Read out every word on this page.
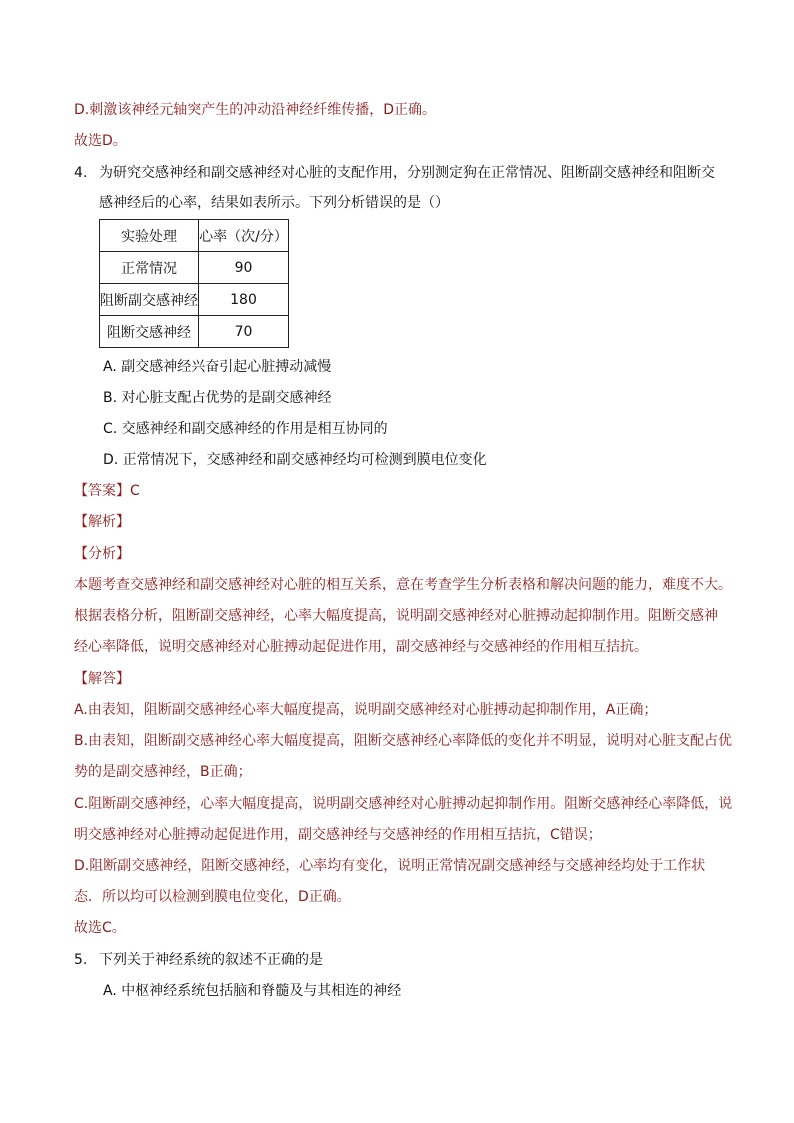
D.刺激该神经元轴突产生的冲动沿神经纤维传播，D正确。
故选D。
4. 为研究交感神经和副交感神经对心脏的支配作用，分别测定狗在正常情况、阻断副交感神经和阻断交
感神经后的心率，结果如表所示。下列分析错误的是（）
实验处理	心率（次/分）
正常情况	90
阻断副交感神经	180
阻断交感神经	70
A. 副交感神经兴奋引起心脏搏动减慢
B. 对心脏支配占优势的是副交感神经
C. 交感神经和副交感神经的作用是相互协同的
D. 正常情况下，交感神经和副交感神经均可检测到膜电位变化
【答案】C
【解析】
【分析】
本题考查交感神经和副交感神经对心脏的相互关系，意在考查学生分析表格和解决问题的能力，难度不大。
根据表格分析，阻断副交感神经，心率大幅度提高，说明副交感神经对心脏搏动起抑制作用。阻断交感神
经心率降低，说明交感神经对心脏搏动起促进作用，副交感神经与交感神经的作用相互拮抗。
【解答】
A.由表知，阻断副交感神经心率大幅度提高，说明副交感神经对心脏搏动起抑制作用，A正确；
B.由表知，阻断副交感神经心率大幅度提高，阻断交感神经心率降低的变化并不明显，说明对心脏支配占优
势的是副交感神经，B正确；
C.阻断副交感神经，心率大幅度提高，说明副交感神经对心脏搏动起抑制作用。阻断交感神经心率降低，说
明交感神经对心脏搏动起促进作用，副交感神经与交感神经的作用相互拮抗，C错误；
D.阻断副交感神经，阻断交感神经，心率均有变化，说明正常情况副交感神经与交感神经均处于工作状
态．所以均可以检测到膜电位变化，D正确。
故选C。
5. 下列关于神经系统的叙述不正确的是
A. 中枢神经系统包括脑和脊髓及与其相连的神经
